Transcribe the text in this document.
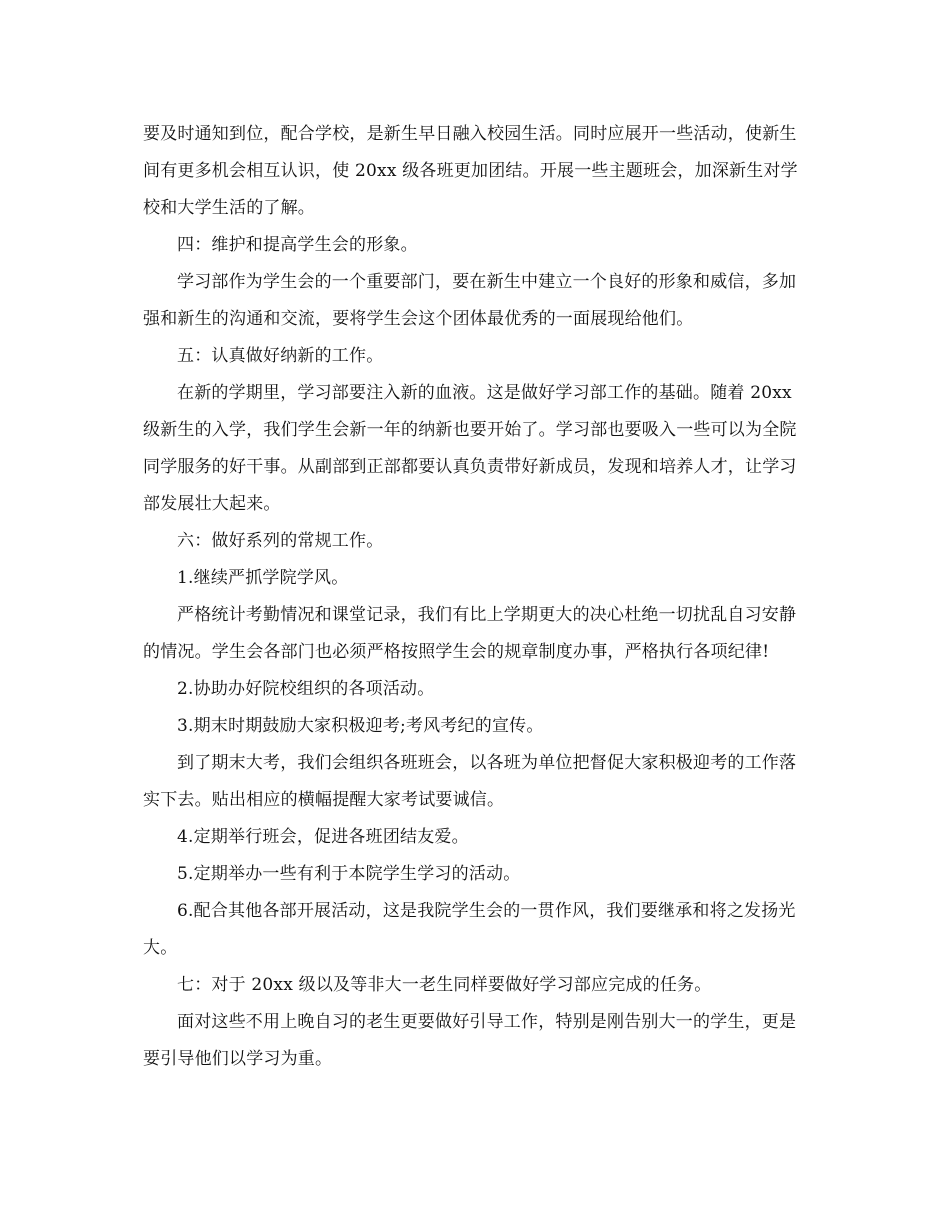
要及时通知到位，配合学校，是新生早日融入校园生活。同时应展开一些活动，使新生间有更多机会相互认识，使 20xx 级各班更加团结。开展一些主题班会，加深新生对学校和大学生活的了解。

四：维护和提高学生会的形象。

学习部作为学生会的一个重要部门，要在新生中建立一个良好的形象和威信，多加强和新生的沟通和交流，要将学生会这个团体最优秀的一面展现给他们。

五：认真做好纳新的工作。

在新的学期里，学习部要注入新的血液。这是做好学习部工作的基础。随着 20xx 级新生的入学，我们学生会新一年的纳新也要开始了。学习部也要吸入一些可以为全院同学服务的好干事。从副部到正部都要认真负责带好新成员，发现和培养人才，让学习部发展壮大起来。

六：做好系列的常规工作。

1.继续严抓学院学风。

严格统计考勤情况和课堂记录，我们有比上学期更大的决心杜绝一切扰乱自习安静的情况。学生会各部门也必须严格按照学生会的规章制度办事，严格执行各项纪律!

2.协助办好院校组织的各项活动。

3.期末时期鼓励大家积极迎考;考风考纪的宣传。

到了期末大考，我们会组织各班班会，以各班为单位把督促大家积极迎考的工作落实下去。贴出相应的横幅提醒大家考试要诚信。

4.定期举行班会，促进各班团结友爱。

5.定期举办一些有利于本院学生学习的活动。

6.配合其他各部开展活动，这是我院学生会的一贯作风，我们要继承和将之发扬光大。

七：对于 20xx 级以及等非大一老生同样要做好学习部应完成的任务。

面对这些不用上晚自习的老生更要做好引导工作，特别是刚告别大一的学生，更是要引导他们以学习为重。
